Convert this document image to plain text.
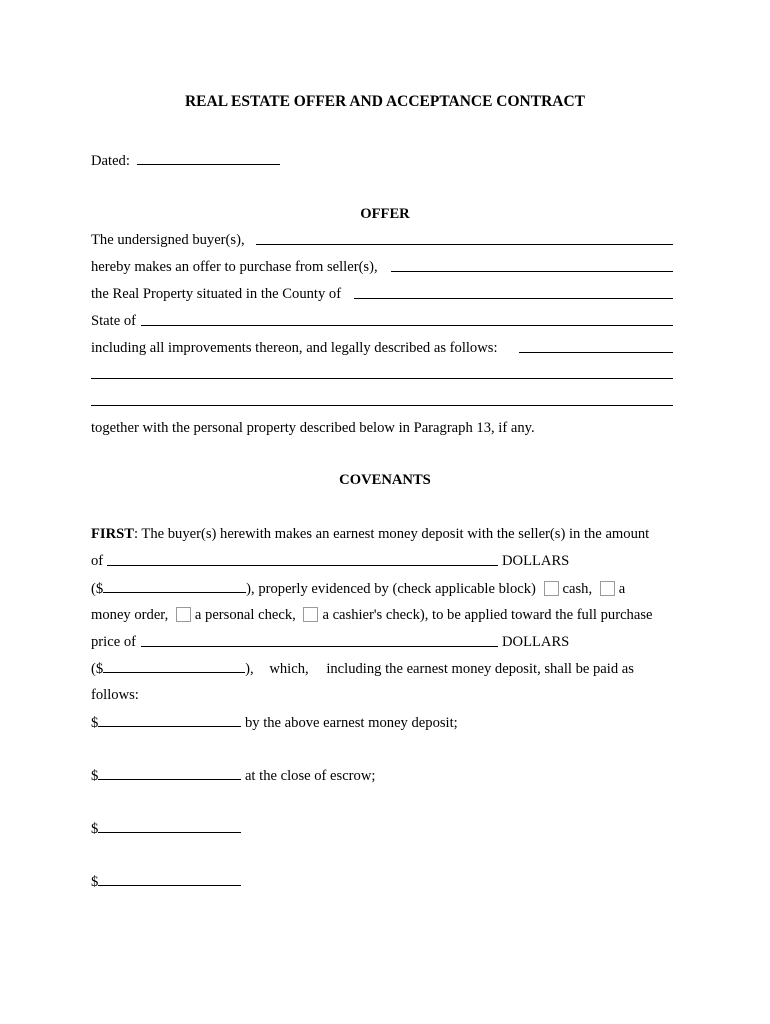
REAL ESTATE OFFER AND ACCEPTANCE CONTRACT
Dated:
OFFER
The undersigned buyer(s),
hereby makes an offer to purchase from seller(s),
the Real Property situated in the County of
State of
including all improvements thereon, and legally described as follows:
together with the personal property described below in Paragraph 13, if any.
COVENANTS
FIRST: The buyer(s) herewith makes an earnest money deposit with the seller(s) in the amount
of	DOLLARS
($	), properly evidenced by (check applicable block) cash, a
money order, a personal check, a cashier's check), to be applied toward the full purchase
price of	DOLLARS
($	), which, including the earnest money deposit, shall be paid as
follows:
$	by the above earnest money deposit;
$	at the close of escrow;
$
$
